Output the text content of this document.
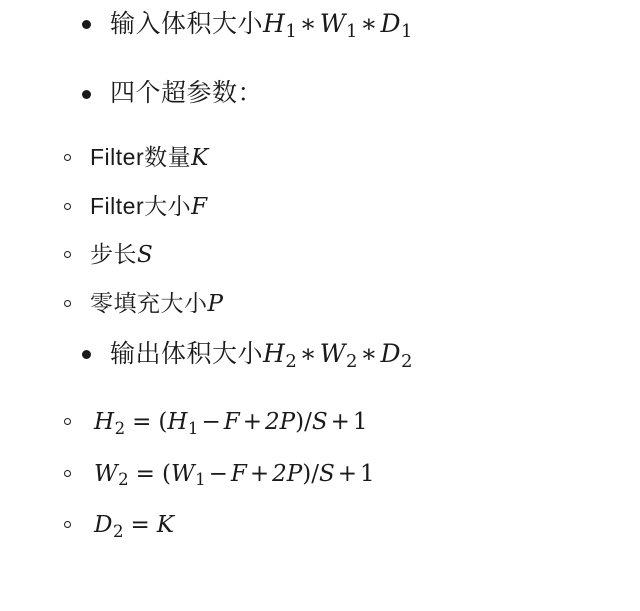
输入体积大小$H_1$ ∗ $W_1$ ∗ $D_1$
四个超参数：
Filter数量K
Filter大小F
步长S
零填充大小P
输出体积大小$H_2$ ∗ $W_2$ ∗ $D_2$
$H_2 = (H_1 - F + 2P)/S + 1$
$W_2 = (W_1 - F + 2P)/S + 1$
$D_2 = K$
